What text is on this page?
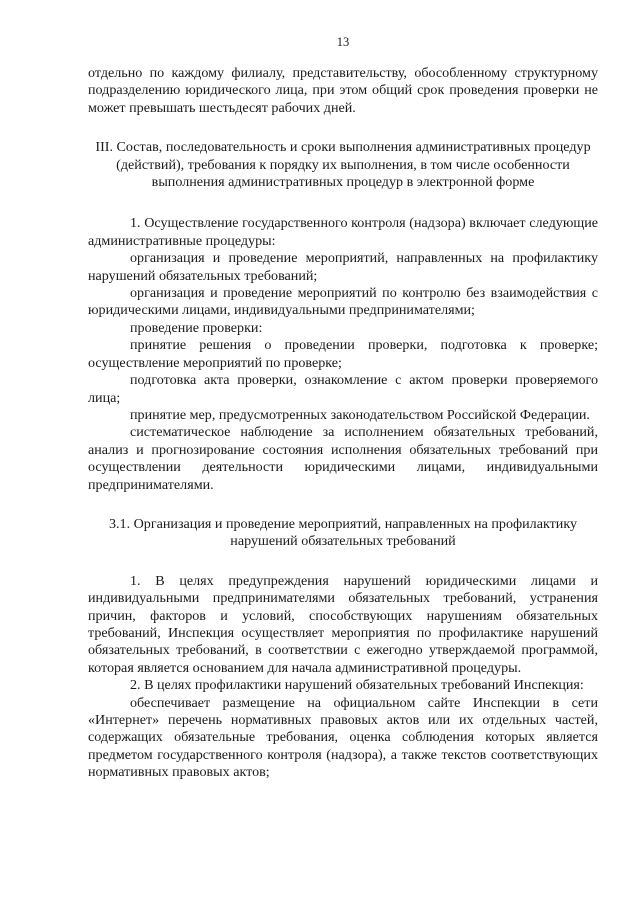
13

отдельно по каждому филиалу, представительству, обособленному структурному подразделению юридического лица, при этом общий срок проведения проверки не может превышать шестьдесят рабочих дней.

III. Состав, последовательность и сроки выполнения административных процедур (действий), требования к порядку их выполнения, в том числе особенности выполнения административных процедур в электронной форме

1. Осуществление государственного контроля (надзора) включает следующие административные процедуры:

организация и проведение мероприятий, направленных на профилактику нарушений обязательных требований;

организация и проведение мероприятий по контролю без взаимодействия с юридическими лицами, индивидуальными предпринимателями;

проведение проверки:

принятие решения о проведении проверки, подготовка к проверке; осуществление мероприятий по проверке;

подготовка акта проверки, ознакомление с актом проверки проверяемого лица;

принятие мер, предусмотренных законодательством Российской Федерации.

систематическое наблюдение за исполнением обязательных требований, анализ и прогнозирование состояния исполнения обязательных требований при осуществлении деятельности юридическими лицами, индивидуальными предпринимателями.

3.1. Организация и проведение мероприятий, направленных на профилактику нарушений обязательных требований

1. В целях предупреждения нарушений юридическими лицами и индивидуальными предпринимателями обязательных требований, устранения причин, факторов и условий, способствующих нарушениям обязательных требований, Инспекция осуществляет мероприятия по профилактике нарушений обязательных требований, в соответствии с ежегодно утверждаемой программой, которая является основанием для начала административной процедуры.

2. В целях профилактики нарушений обязательных требований Инспекция:

обеспечивает размещение на официальном сайте Инспекции в сети «Интернет» перечень нормативных правовых актов или их отдельных частей, содержащих обязательные требования, оценка соблюдения которых является предметом государственного контроля (надзора), а также текстов соответствующих нормативных правовых актов;
